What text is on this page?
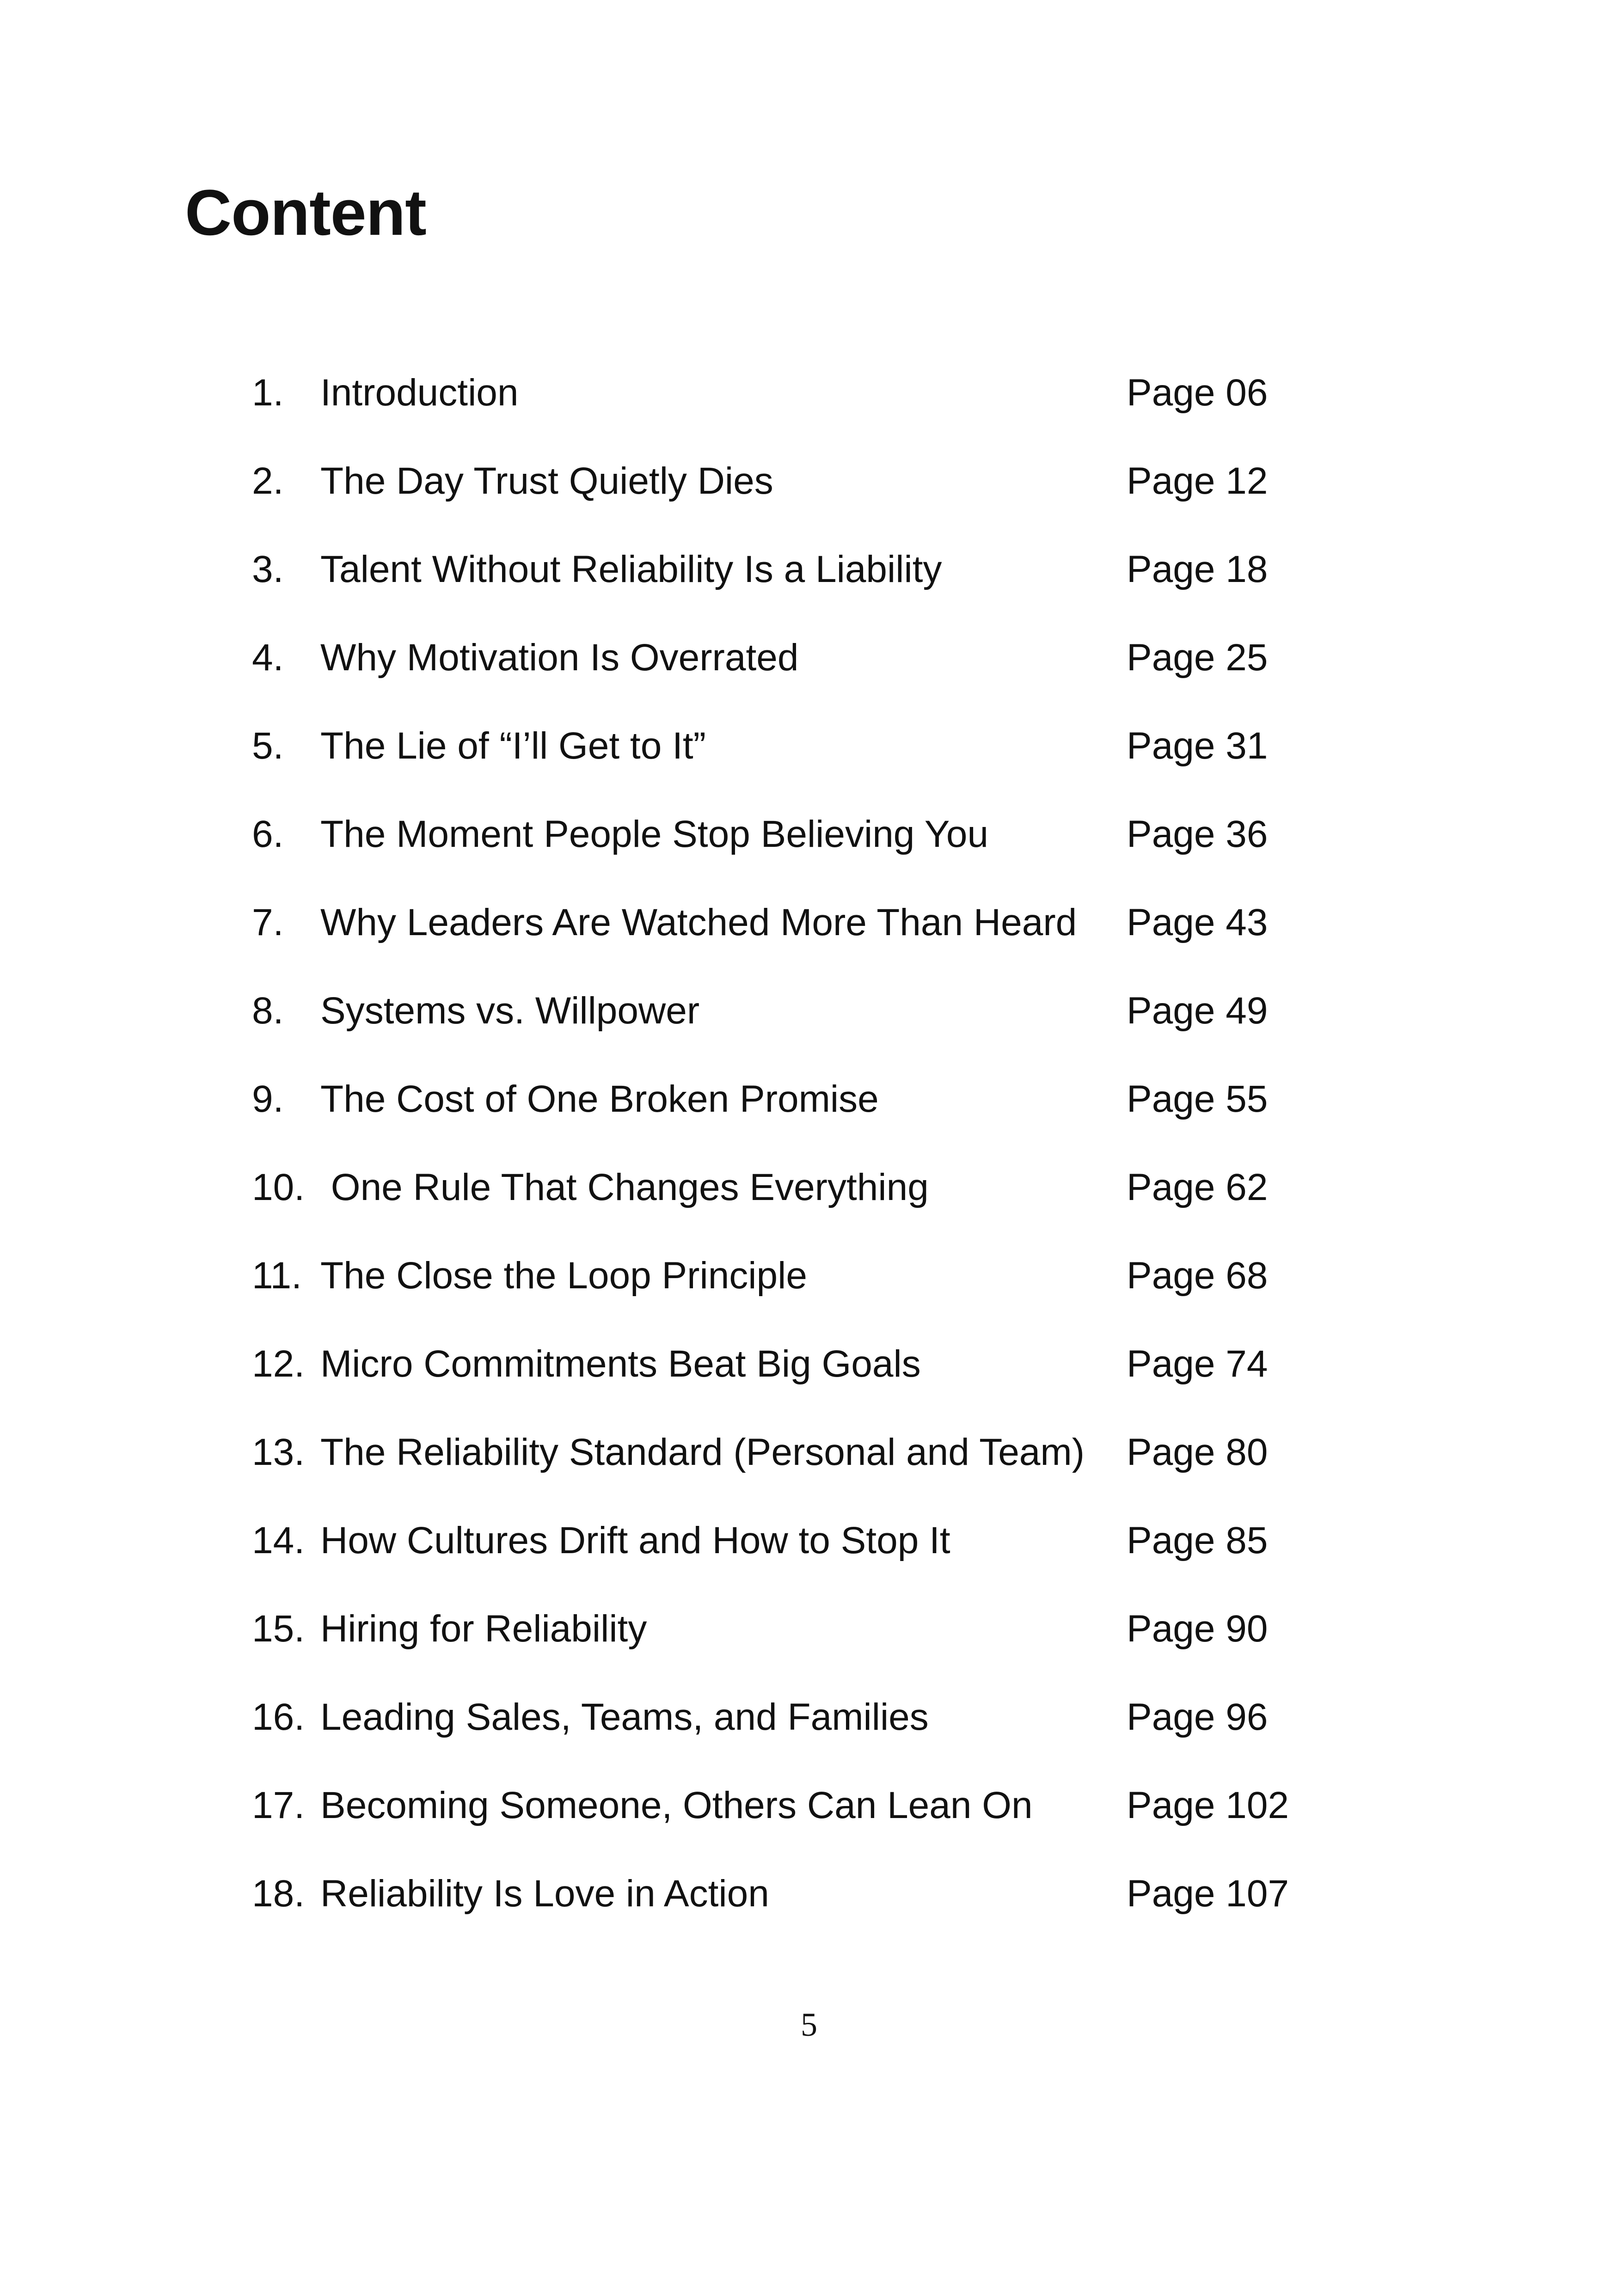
Content
1. Introduction	Page 06
2. The Day Trust Quietly Dies	Page 12
3. Talent Without Reliability Is a Liability	Page 18
4. Why Motivation Is Overrated	Page 25
5. The Lie of “I’ll Get to It”	Page 31
6. The Moment People Stop Believing You	Page 36
7. Why Leaders Are Watched More Than Heard Page 43
8. Systems vs. Willpower	Page 49
9. The Cost of One Broken Promise	Page 55
10. One Rule That Changes Everything	Page 62
11. The Close the Loop Principle	Page 68
12. Micro Commitments Beat Big Goals	Page 74
13. The Reliability Standard (Personal and Team) Page 80
14. How Cultures Drift and How to Stop It	Page 85
15. Hiring for Reliability	Page 90
16. Leading Sales, Teams, and Families	Page 96
17. Becoming Someone, Others Can Lean On Page 102
18. Reliability Is Love in Action	Page 107
5
